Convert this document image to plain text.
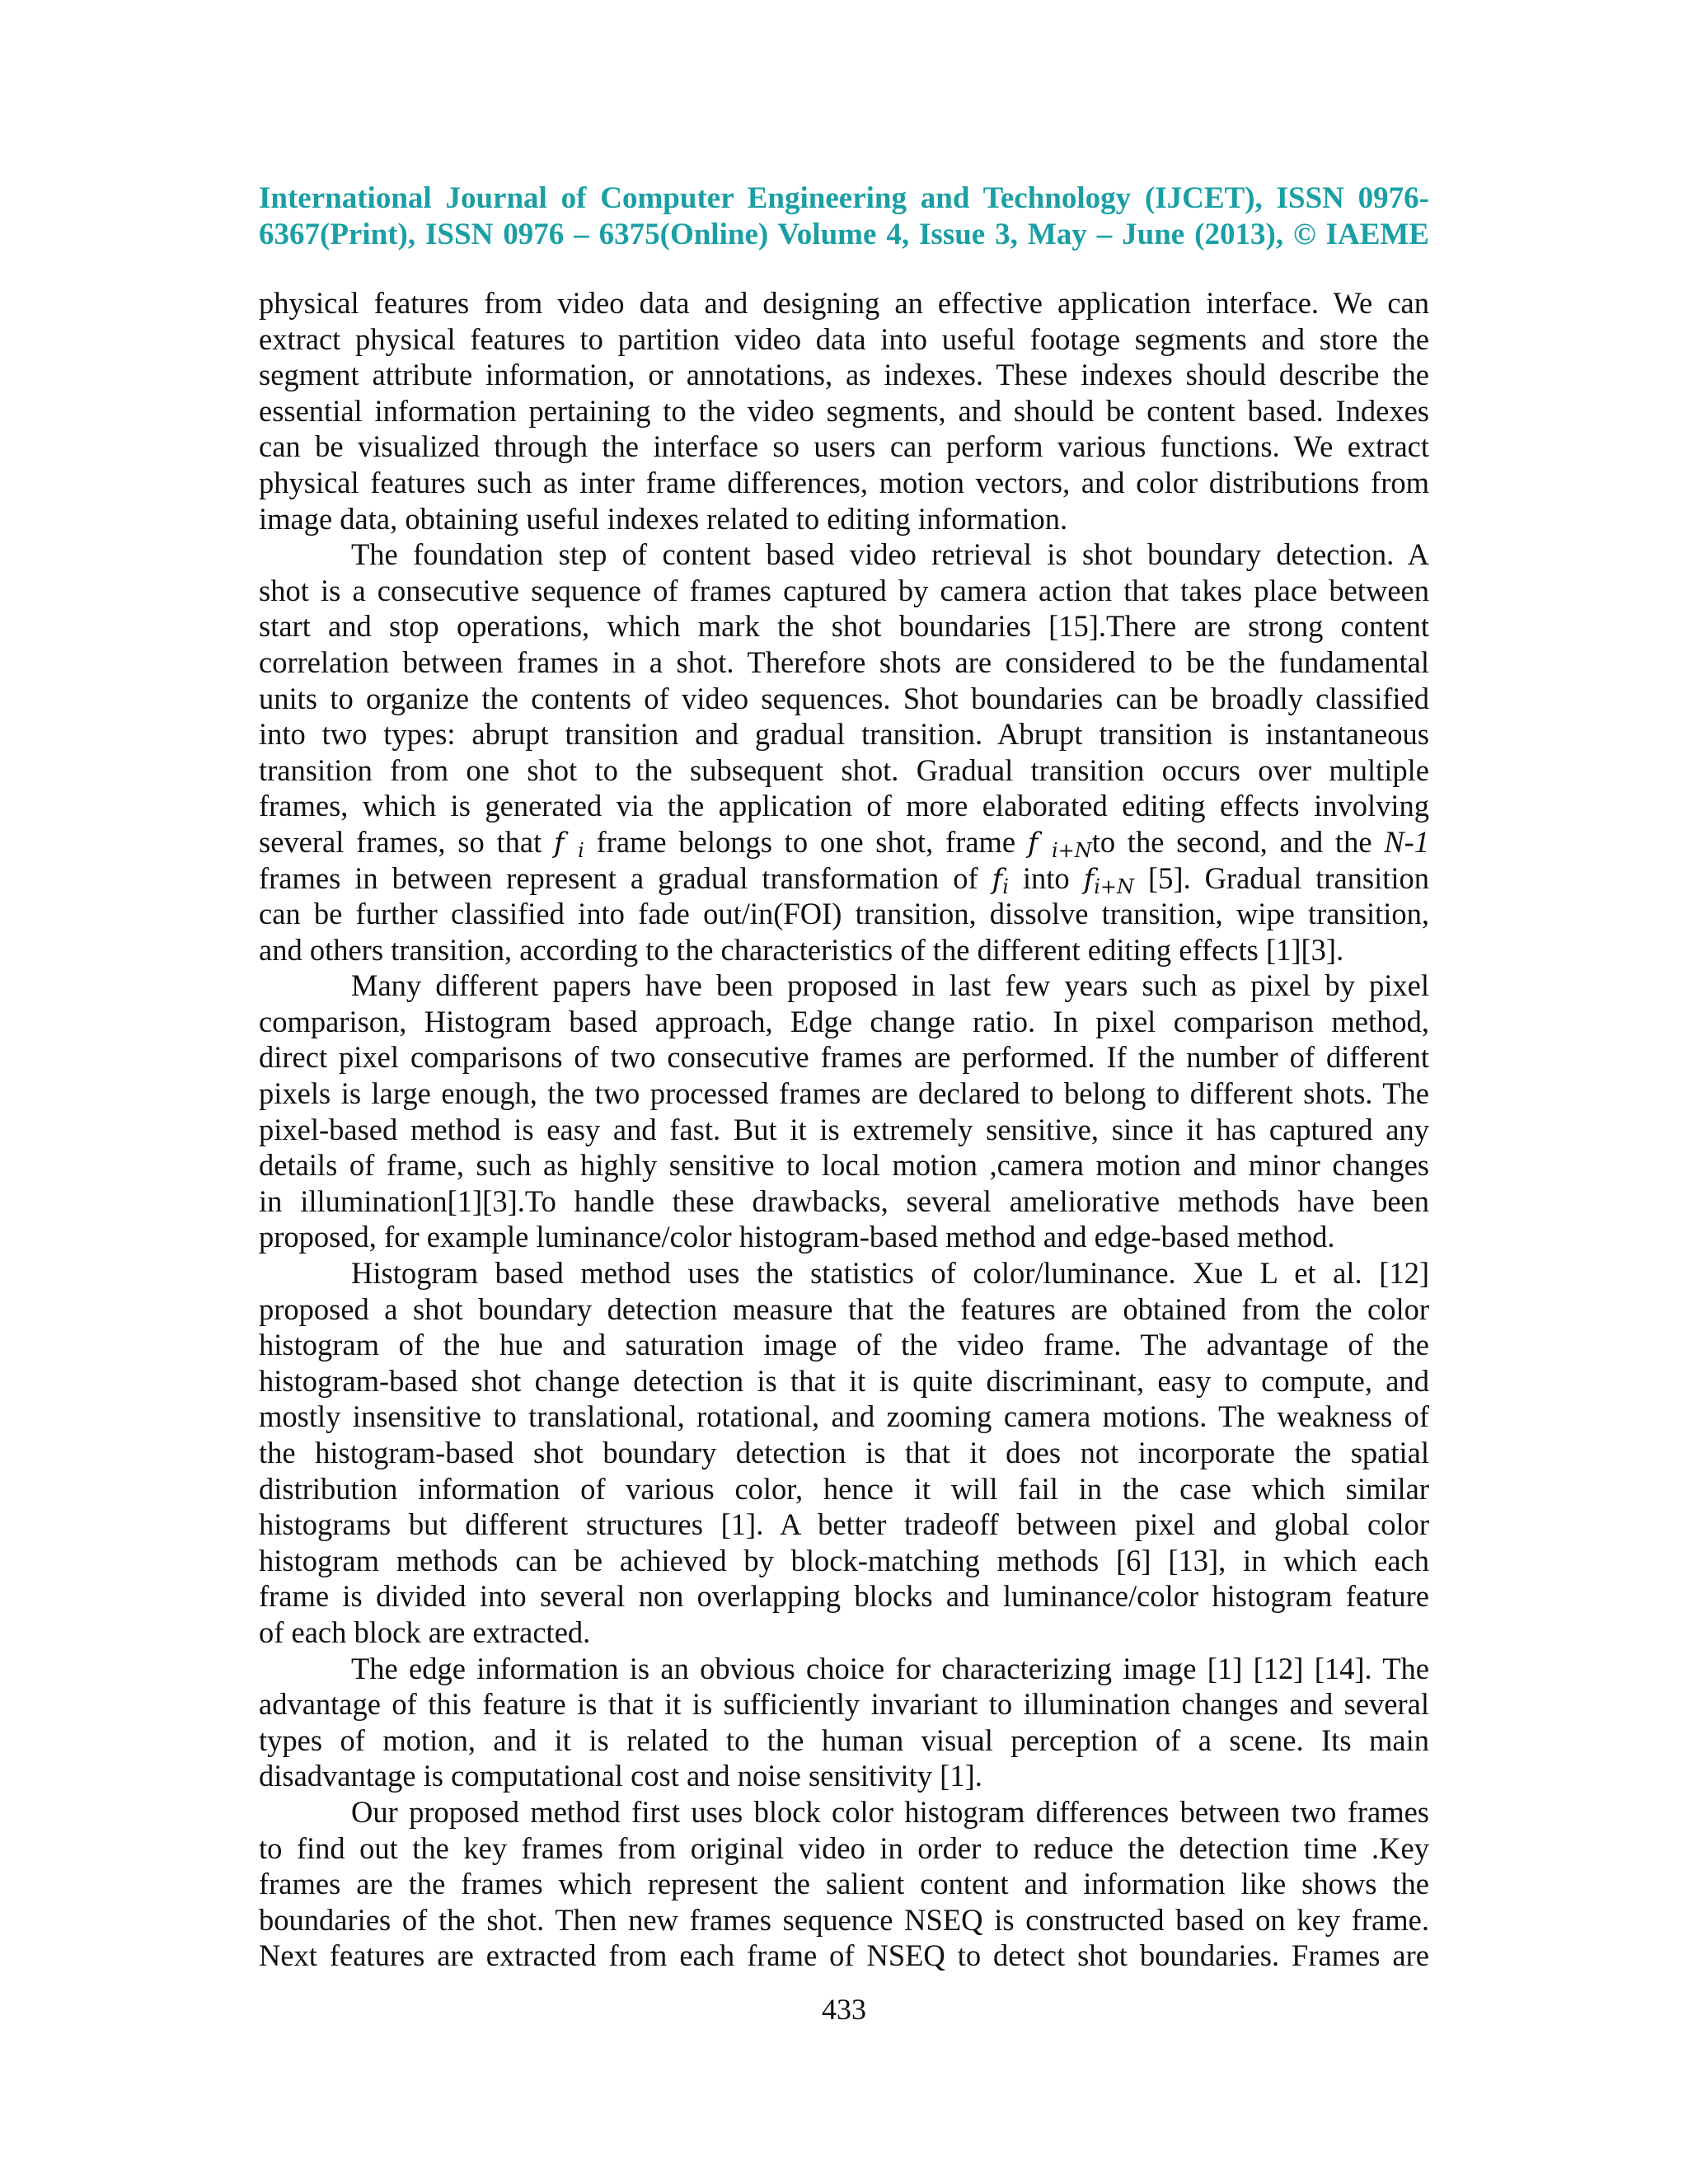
International Journal of Computer Engineering and Technology (IJCET), ISSN 0976-
6367(Print), ISSN 0976 – 6375(Online) Volume 4, Issue 3, May – June (2013), © IAEME
physical features from video data and designing an effective application interface. We can
extract physical features to partition video data into useful footage segments and store the
segment attribute information, or annotations, as indexes. These indexes should describe the
essential information pertaining to the video segments, and should be content based. Indexes
can be visualized through the interface so users can perform various functions. We extract
physical features such as inter frame differences, motion vectors, and color distributions from
image data, obtaining useful indexes related to editing information.
The foundation step of content based video retrieval is shot boundary detection. A
shot is a consecutive sequence of frames captured by camera action that takes place between
start and stop operations, which mark the shot boundaries [15].There are strong content
correlation between frames in a shot. Therefore shots are considered to be the fundamental
units to organize the contents of video sequences. Shot boundaries can be broadly classified
into two types: abrupt transition and gradual transition. Abrupt transition is instantaneous
transition from one shot to the subsequent shot. Gradual transition occurs over multiple
frames, which is generated via the application of more elaborated editing effects involving
several frames, so that f $_i$ frame belongs to one shot, frame f $_{i+N}$to the second, and the N-1
frames in between represent a gradual transformation of $f_i$ into $f_{i+N}$ [5]. Gradual transition
can be further classified into fade out/in(FOI) transition, dissolve transition, wipe transition,
and others transition, according to the characteristics of the different editing effects [1][3].
Many different papers have been proposed in last few years such as pixel by pixel
comparison, Histogram based approach, Edge change ratio. In pixel comparison method,
direct pixel comparisons of two consecutive frames are performed. If the number of different
pixels is large enough, the two processed frames are declared to belong to different shots. The
pixel-based method is easy and fast. But it is extremely sensitive, since it has captured any
details of frame, such as highly sensitive to local motion ,camera motion and minor changes
in illumination[1][3].To handle these drawbacks, several ameliorative methods have been
proposed, for example luminance/color histogram-based method and edge-based method.
Histogram based method uses the statistics of color/luminance. Xue L et al. [12]
proposed a shot boundary detection measure that the features are obtained from the color
histogram of the hue and saturation image of the video frame. The advantage of the
histogram-based shot change detection is that it is quite discriminant, easy to compute, and
mostly insensitive to translational, rotational, and zooming camera motions. The weakness of
the histogram-based shot boundary detection is that it does not incorporate the spatial
distribution information of various color, hence it will fail in the case which similar
histograms but different structures [1]. A better tradeoff between pixel and global color
histogram methods can be achieved by block-matching methods [6] [13], in which each
frame is divided into several non overlapping blocks and luminance/color histogram feature
of each block are extracted.
The edge information is an obvious choice for characterizing image [1] [12] [14]. The
advantage of this feature is that it is sufficiently invariant to illumination changes and several
types of motion, and it is related to the human visual perception of a scene. Its main
disadvantage is computational cost and noise sensitivity [1].
Our proposed method first uses block color histogram differences between two frames
to find out the key frames from original video in order to reduce the detection time .Key
frames are the frames which represent the salient content and information like shows the
boundaries of the shot. Then new frames sequence NSEQ is constructed based on key frame.
Next features are extracted from each frame of NSEQ to detect shot boundaries. Frames are
433
